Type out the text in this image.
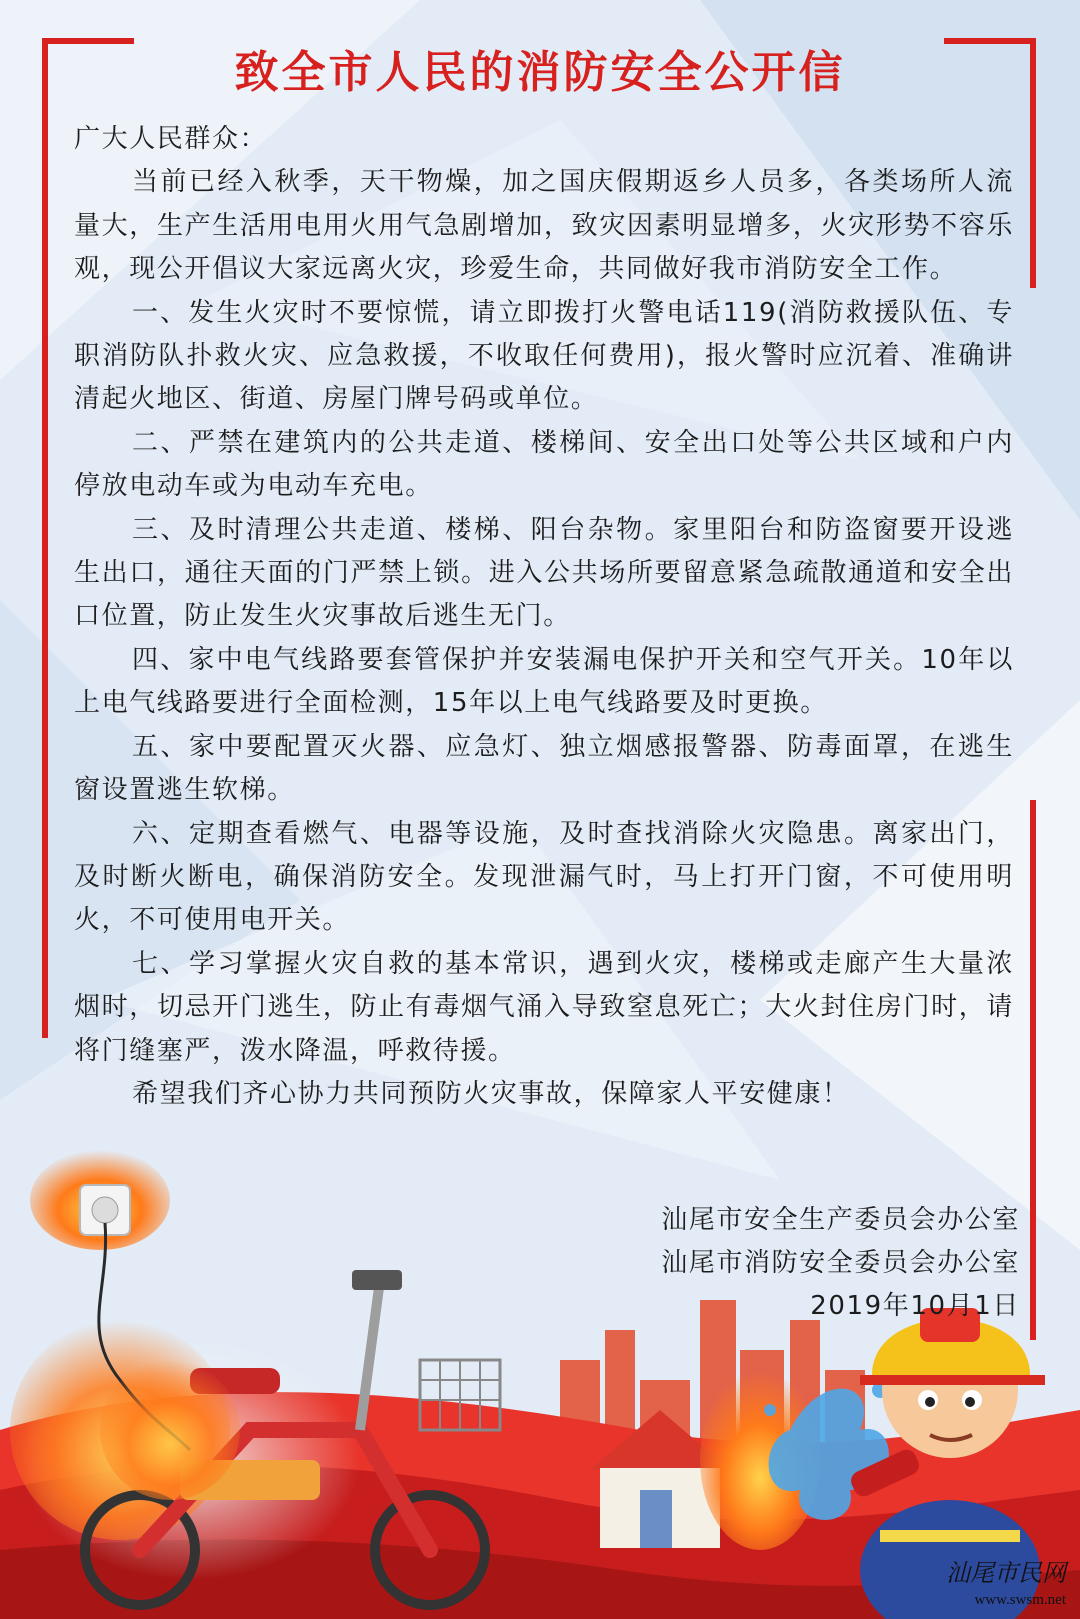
致全市人民的消防安全公开信

广大人民群众：

当前已经入秋季，天干物燥，加之国庆假期返乡人员多，各类场所人流量大，生产生活用电用火用气急剧增加，致灾因素明显增多，火灾形势不容乐观，现公开倡议大家远离火灾，珍爱生命，共同做好我市消防安全工作。

一、发生火灾时不要惊慌，请立即拨打火警电话119(消防救援队伍、专职消防队扑救火灾、应急救援，不收取任何费用)，报火警时应沉着、准确讲清起火地区、街道、房屋门牌号码或单位。

二、严禁在建筑内的公共走道、楼梯间、安全出口处等公共区域和户内停放电动车或为电动车充电。

三、及时清理公共走道、楼梯、阳台杂物。家里阳台和防盗窗要开设逃生出口，通往天面的门严禁上锁。进入公共场所要留意紧急疏散通道和安全出口位置，防止发生火灾事故后逃生无门。

四、家中电气线路要套管保护并安装漏电保护开关和空气开关。10年以上电气线路要进行全面检测，15年以上电气线路要及时更换。

五、家中要配置灭火器、应急灯、独立烟感报警器、防毒面罩，在逃生窗设置逃生软梯。

六、定期查看燃气、电器等设施，及时查找消除火灾隐患。离家出门，及时断火断电，确保消防安全。发现泄漏气时，马上打开门窗，不可使用明火，不可使用电开关。

七、学习掌握火灾自救的基本常识，遇到火灾，楼梯或走廊产生大量浓烟时，切忌开门逃生，防止有毒烟气涌入导致窒息死亡；大火封住房门时，请将门缝塞严，泼水降温，呼救待援。

希望我们齐心协力共同预防火灾事故，保障家人平安健康！

汕尾市安全生产委员会办公室
汕尾市消防安全委员会办公室
2019年10月1日
汕尾市民网
www.swsm.net
